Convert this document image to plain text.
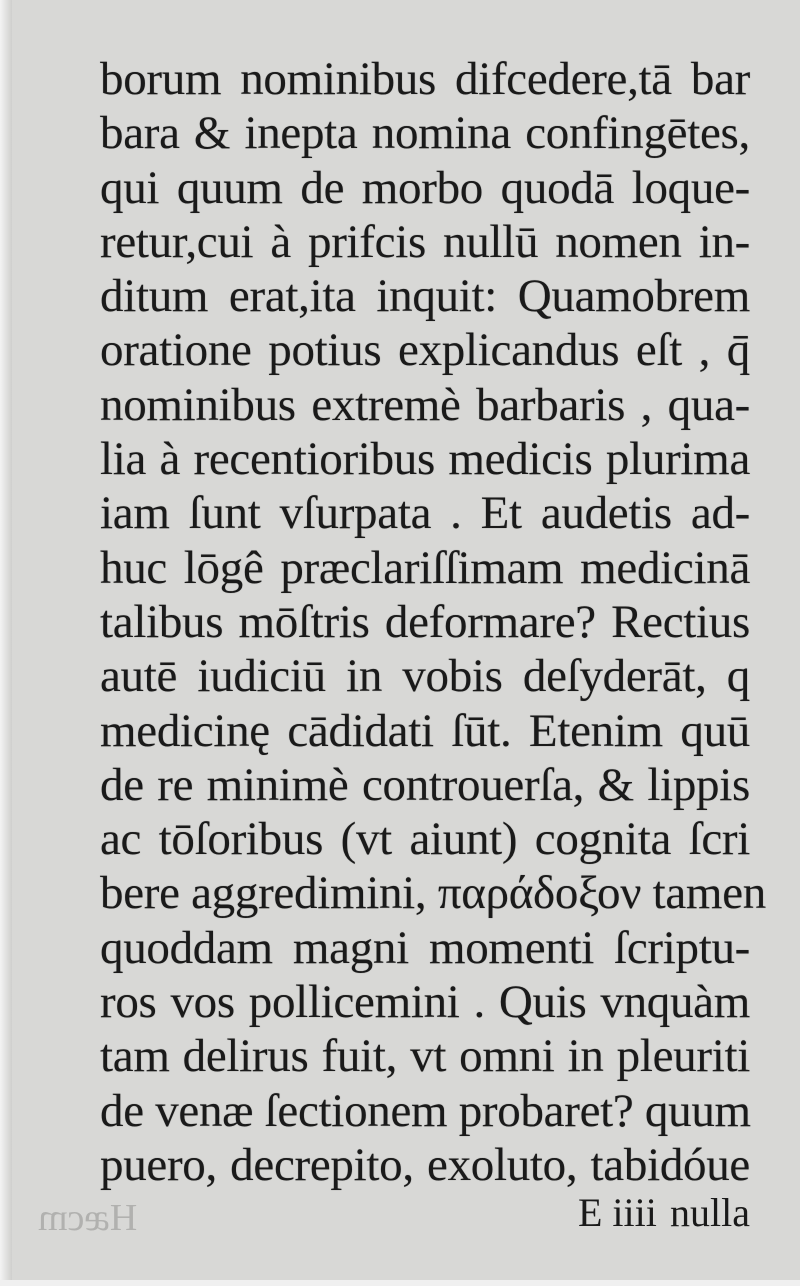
Hæcm
borum nominibus difcedere,tā bar
bara & inepta nomina confingētes,
qui quum de morbo quodā loque-
retur,cui à prifcis nullū nomen in-
ditum erat,ita inquit: Quamobrem
oratione potius explicandus eſt , q̄
nominibus extremè barbaris , qua-
lia à recentioribus medicis plurima
iam ſunt vſurpata . Et audetis ad-
huc lōgê præclariſſimam medicinā
talibus mōſtris deformare? Rectius
autē iudiciū in vobis deſyderāt, q
medicinę cādidati ſūt. Etenim quū
de re minimè controuerſa, & lippis
ac tōſoribus (vt aiunt) cognita ſcri
bere aggredimini, παράδοξον tamen
quoddam magni momenti ſcriptu-
ros vos pollicemini . Quis vnquàm
tam delirus fuit, vt omni in pleuriti
de venæ ſectionem probaret? quum
puero, decrepito, exoluto, tabidóue
E iiii nulla
